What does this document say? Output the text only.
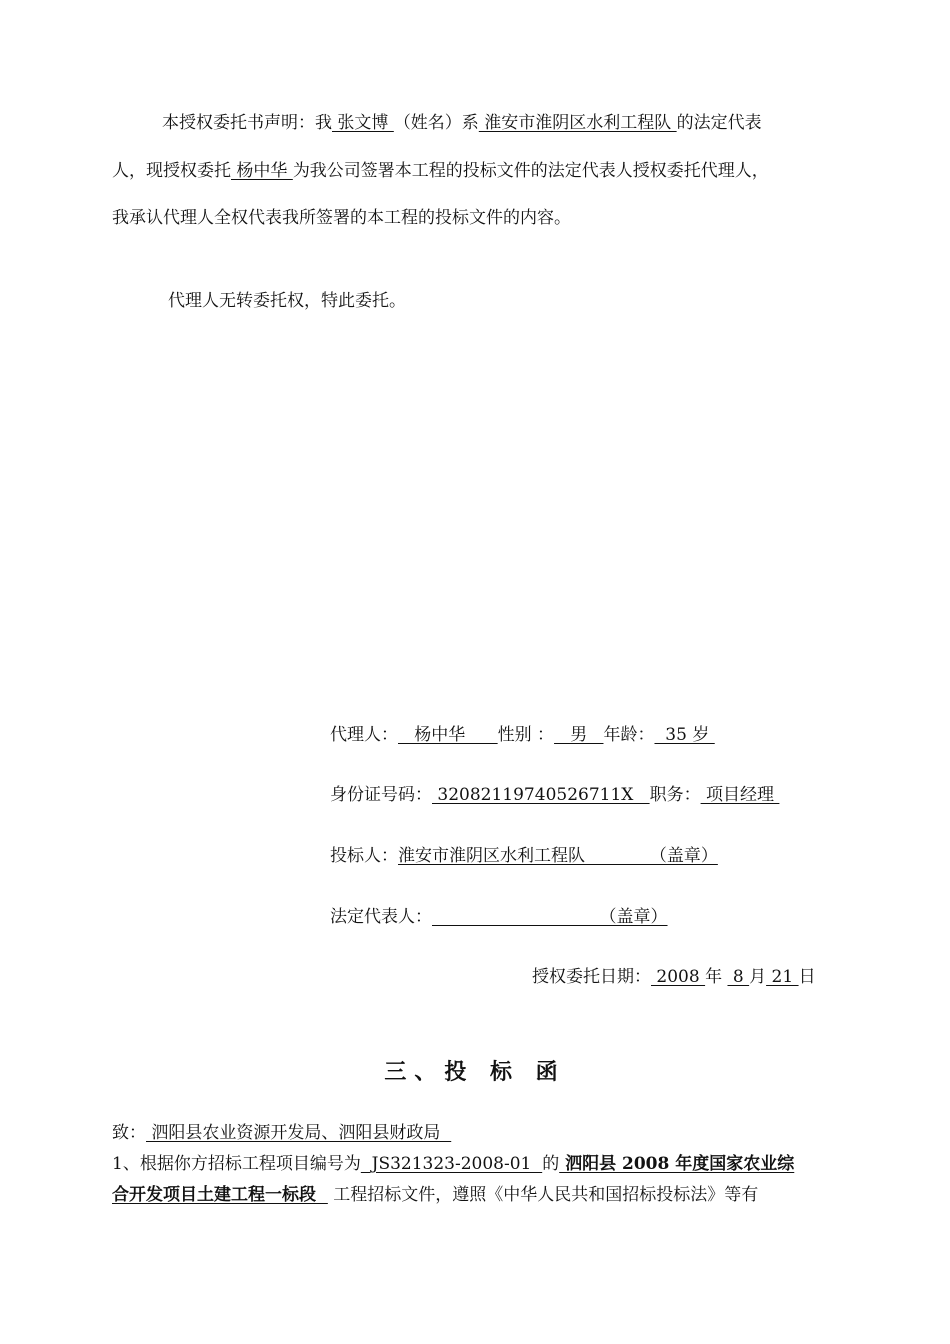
本授权委托书声明：我 张文博 （姓名）系 淮安市淮阴区水利工程队 的法定代表
人，现授权委托 杨中华 为我公司签署本工程的投标文件的法定代表人授权委托代理人，
我承认代理人全权代表我所签署的本工程的投标文件的内容。
代理人无转委托权，特此委托。
代理人：   杨中华      性别 ：   男   年龄：  35 岁
身份证号码： 320821197405267​11X   职务： 项目经理
投标人：淮安市淮阴区水利工程队            （盖章）
法定代表人：                               （盖章）
授权委托日期： 2008 年  8 月 21 日
三、投 标 函
致： 泗阳县农业资源开发局、泗阳县财政局
1、根据你方招标工程项目编号为  JS321323-2008-01  的 泗阳县 2008 年度国家农业综
合开发项目土建工程一标段   工程招标文件，遵照《中华人民共和国招标投标法》等有
